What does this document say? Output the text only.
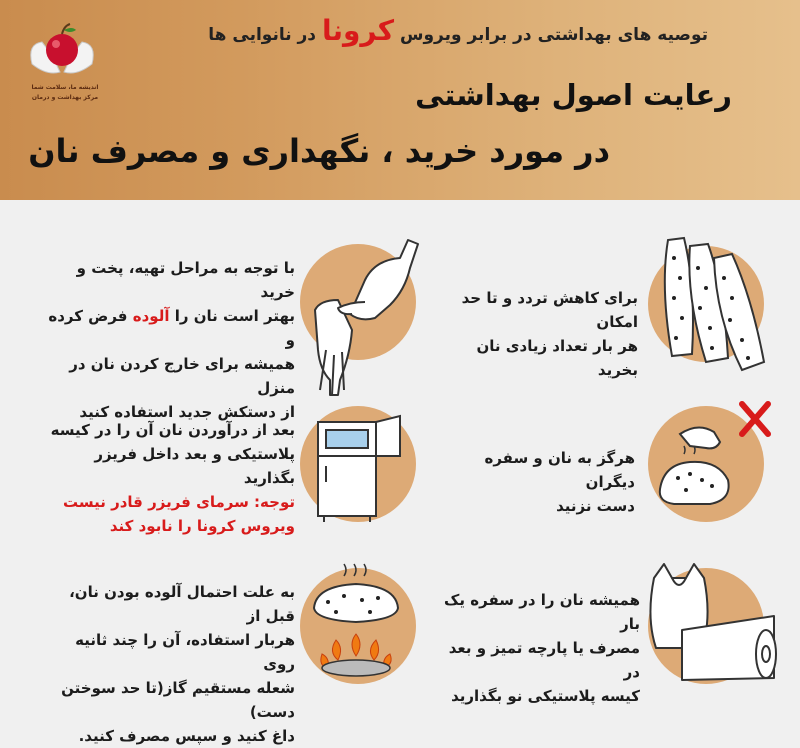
اندیشه ما، سلامت شما
مرکز بهداشت و درمان
توصیه های بهداشتی در برابر ویروس کرونا در نانوایی ها
رعایت اصول بهداشتی
در مورد خرید ، نگهداری و مصرف نان
با توجه به مراحل تهیه، پخت و خرید
بهتر است نان را آلوده فرض کرده و
همیشه برای خارج کردن نان در منزل
از دستکش جدید استفاده کنید
برای کاهش تردد و تا حد امکان
هر بار تعداد زیادی نان بخرید
بعد از درآوردن نان آن را در کیسه
پلاستیکی و بعد داخل فریزر بگذارید
توجه: سرمای فریزر قادر نیست
ویروس کرونا را نابود کند
هرگز به نان و سفره دیگران
دست نزنید
به علت احتمال آلوده بودن نان، قبل از
هربار استفاده، آن را چند ثانیه روی
شعله مستقیم گاز(تا حد سوختن دست)
داغ کنید و سپس مصرف کنید.
همیشه نان را در سفره یک بار
مصرف یا پارچه تمیز و بعد در
کیسه پلاستیکی نو بگذارید
